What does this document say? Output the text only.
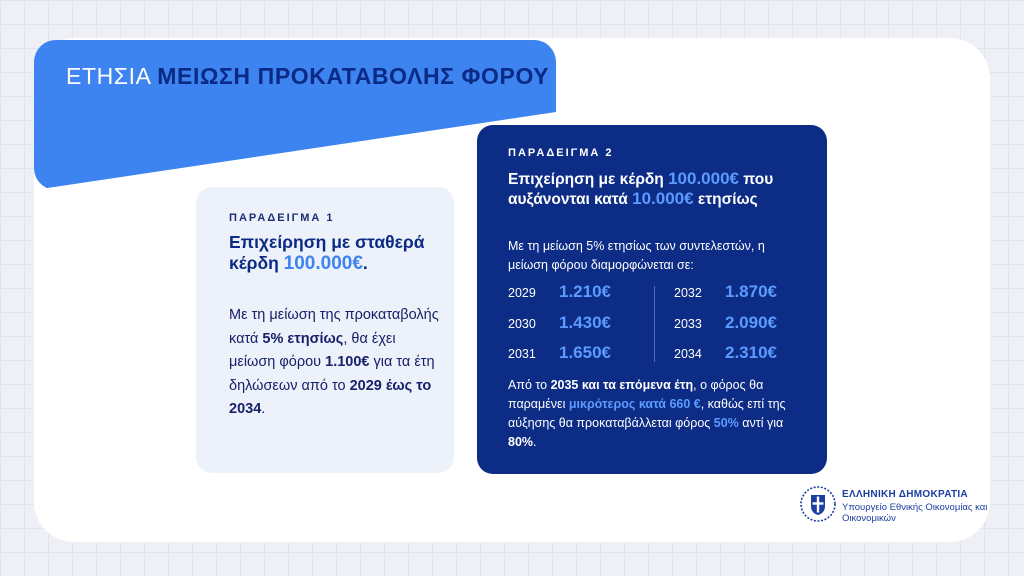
ΕΤΗΣΙΑ ΜΕΙΩΣΗ ΠΡΟΚΑΤΑΒΟΛΗΣ ΦΟΡΟΥ ΣΤΑ ΝΟΜΙΚΑ ΠΡΟΣΩΠΑ
ΠΑΡΑΔΕΙΓΜΑ 1
Επιχείρηση με σταθερά κέρδη 100.000€.

Με τη μείωση της προκαταβολής κατά 5% ετησίως, θα έχει μείωση φόρου 1.100€ για τα έτη δηλώσεων από το 2029 έως το 2034.

ΠΑΡΑΔΕΙΓΜΑ 2
Επιχείρηση με κέρδη 100.000€ που αυξάνονται κατά 10.000€ ετησίως

Με τη μείωση 5% ετησίως των συντελεστών, η μείωση φόρου διαμορφώνεται σε:

2029 1.210€
2030 1.430€
2031 1.650€
2032 1.870€
2033 2.090€
2034 2.310€

Από το 2035 και τα επόμενα έτη, ο φόρος θα παραμένει μικρότερος κατά 660 €, καθώς επί της αύξησης θα προκαταβάλλεται φόρος 50% αντί για 80%.

ΕΛΛΗΝΙΚΗ ΔΗΜΟΚΡΑΤΙΑ
Υπουργείο Εθνικής Οικονομίας και Οικονομικών
